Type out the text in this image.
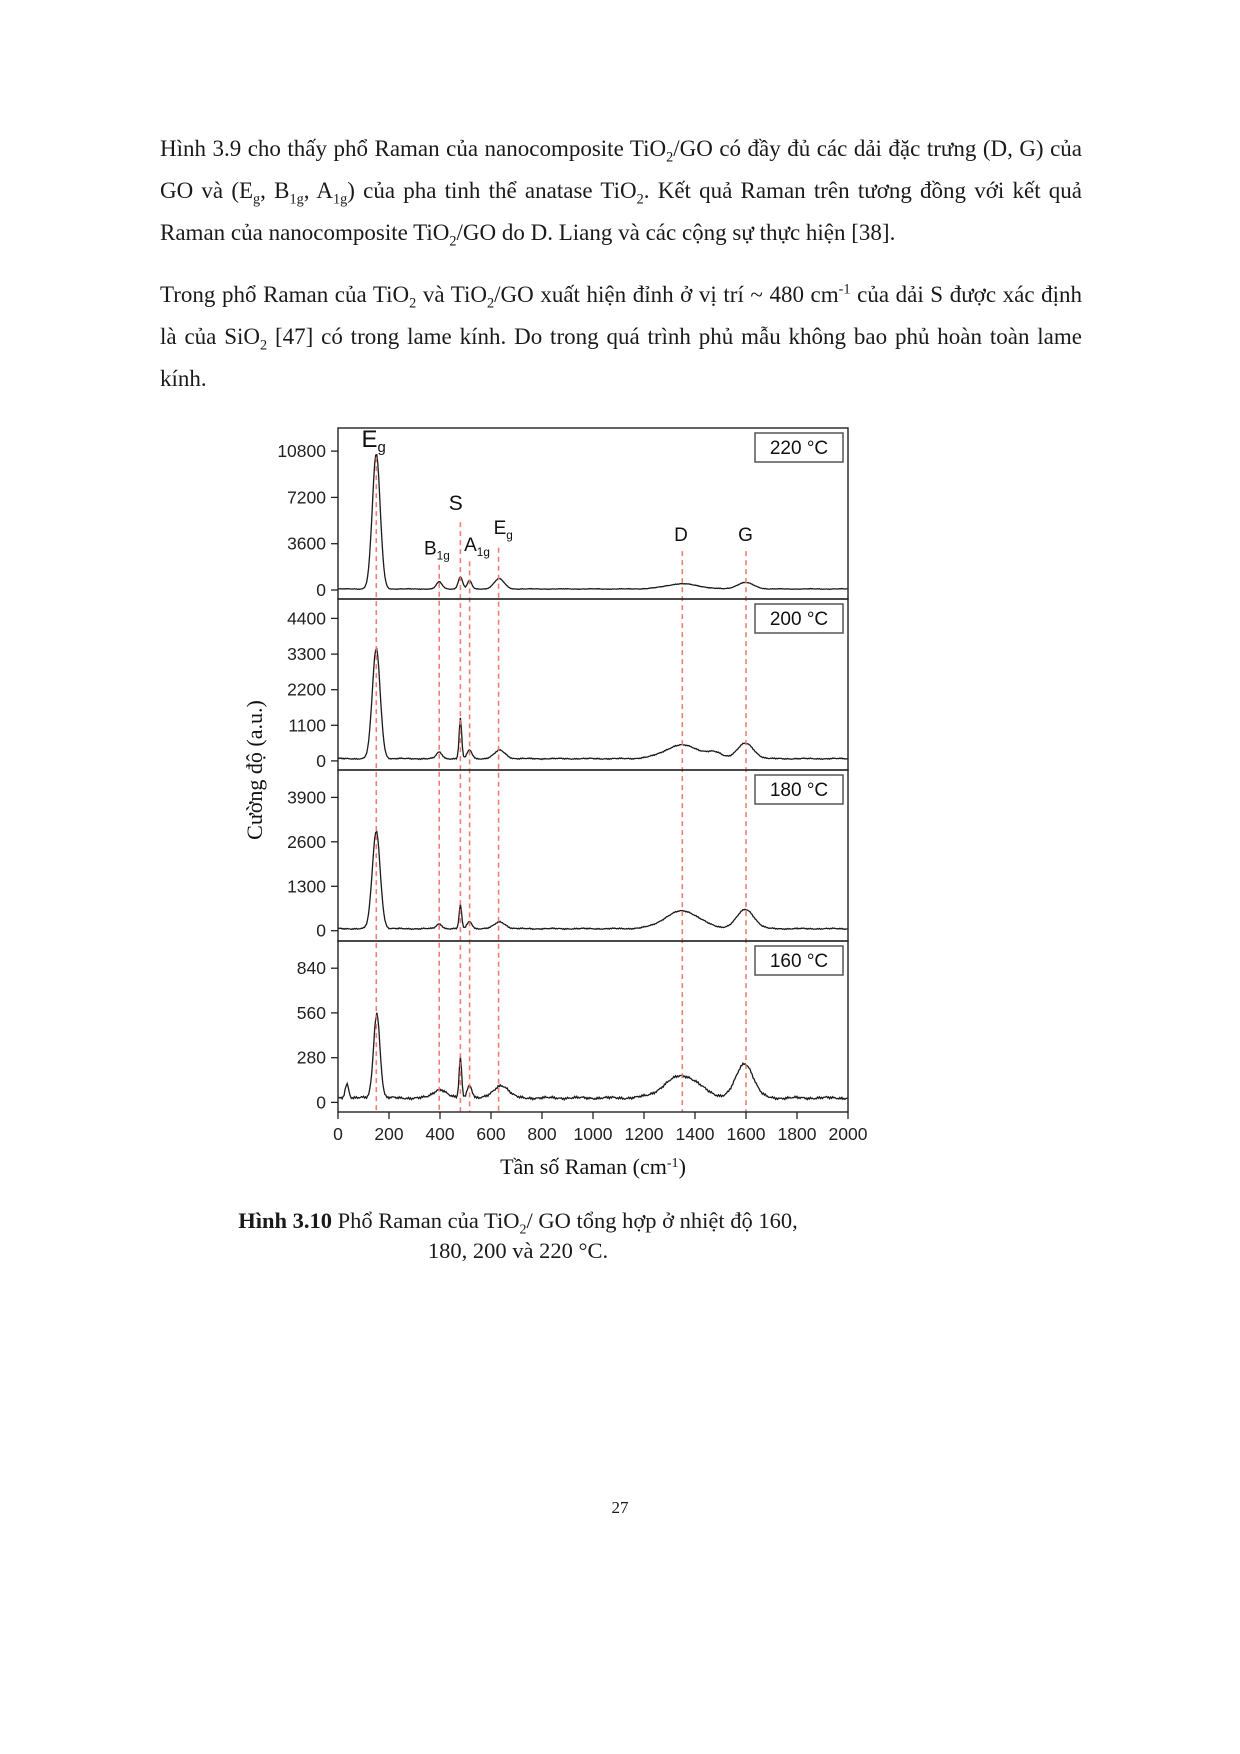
Hình 3.9 cho thấy phổ Raman của nanocomposite TiO$_2$/GO có đầy đủ các dải đặc trưng (D, G) của GO và ($E_g$, $B_{1g}$, $A_{1g}$) của pha tinh thể anatase TiO$_2$. Kết quả Raman trên tương đồng với kết quả Raman của nanocomposite TiO$_2$/GO do D. Liang và các cộng sự thực hiện [38].

Trong phổ Raman của TiO$_2$ và TiO$_2$/GO xuất hiện đỉnh ở vị trí ~ 480 $cm^{-1}$ của dải S được xác định là của SiO$_2$ [47] có trong lame kính. Do trong quá trình phủ mẫu không bao phủ hoàn toàn lame kính.

0
3600
7200
10800
0
1100
2200
3300
4400
0
1300
2600
3900
0
280
560
840
220 °C
$E_g$
$B_{1g}$
S
$A_{1g}$
$E_g$	D	G
200 °C
180 °C
160 °C
0 200 400 600 800 1000 1200 1400 1600 1800 2000
Tần số Raman $(cm^{-1})$
Cường độ (a.u.)
Hình 3.10 Phổ Raman của TiO$_2$/ GO tổng hợp ở nhiệt độ 160, 180, 200 và 220 °C.
27
